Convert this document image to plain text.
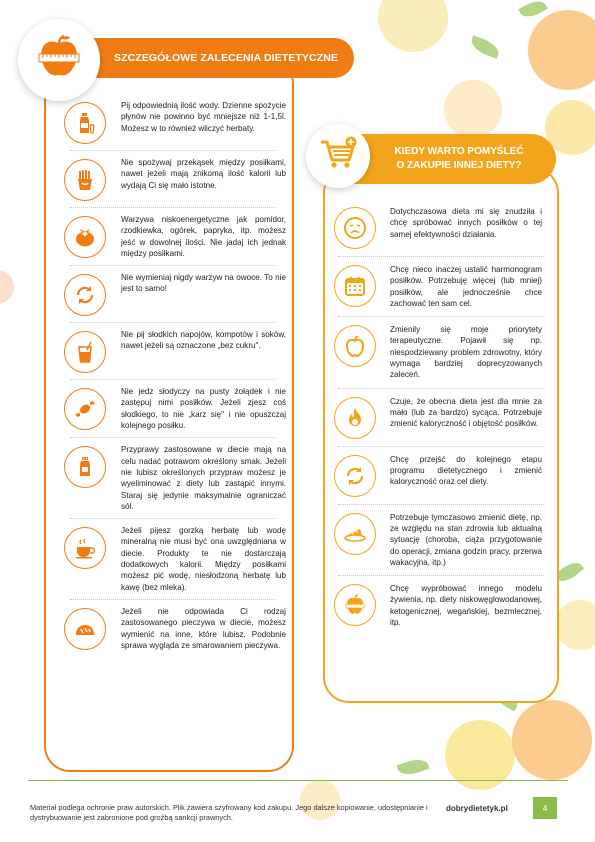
SZCZEGÓŁOWE ZALECENIA DIETETYCZNE

Pij odpowiednią ilość wody. Dzienne spożycie płynów nie powinno być mniejsze niż 1-1,5l. Możesz w to również wliczyć herbaty.

Nie spożywaj przekąsek między posiłkami, nawet jeżeli mają znikomą ilość kalorii lub wydają Ci się mało istotne.

Warzywa niskoenergetyczne jak pomidor, rzodkiewka, ogórek, papryka, itp. możesz jeść w dowolnej ilości. Nie jadaj ich jednak między posiłkami.

Nie wymieniaj nigdy warzyw na owoce. To nie jest to samo!

Nie pij słodkich napojów, kompotów i soków, nawet jeżeli są oznaczone „bez cukru".

Nie jedz słodyczy na pusty żołądek i nie zastępuj nimi posiłków. Jeżeli zjesz coś słodkiego, to nie „karz się" i nie opuszczaj kolejnego posiłku.

Przyprawy zastosowane w diecie mają na celu nadać potrawom określony smak. Jeżeli nie lubisz określonych przypraw możesz je wyeliminować z diety lub zastąpić innymi. Staraj się jedynie maksymalnie ograniczać sól.

Jeżeli pijesz gorzką herbatę lub wodę mineralną nie musi być ona uwzględniana w diecie. Produkty te nie dostarczają dodatkowych kalorii. Między posiłkami możesz pić wodę, niesłodzoną herbatę lub kawę (bez mleka).

Jeżeli nie odpowiada Ci rodzaj zastosowanego pieczywa w diecie, możesz wymienić na inne, które lubisz. Podobnie sprawa wygląda ze smarowaniem pieczywa.

KIEDY WARTO POMYŚLEĆ
O ZAKUPIE INNEJ DIETY?

Dotychczasowa dieta mi się znudziła i chcę spróbować innych posiłków o tej samej efektywności działania.

Chcę nieco inaczej ustalić harmonogram posiłków. Potrzebuję więcej (lub mniej) posiłków, ale jednocześnie chce zachować ten sam cel.

Zmienily się moje priorytety terapeutyczne. Pojawił się np. niespodziewany problem zdrowotny, który wymaga bardziej doprecyzowanych zaleceń.

Czuje, że obecna dieta jest dla mnie za mało (lub za bardzo) sycąca. Potrzebuje zmienić kaloryczność i objętość posiłków.

Chcę przejść do kolejnego etapu programu dietetycznego i zmienić kaloryczność oraz cel diety.

Potrzebuje tymczasowo zmienić dietę, np. ze względu na stan zdrowia lub aktualną sytuację (choroba, ciąża przygotowanie do operacji, zmiana godzin pracy, przerwa wakacyjna, itp.)

Chcę wypróbować innego modelu żywienia, np. diety niskowęglowodanowej, ketogenicznej, wegańskiej, bezmlecznej, itp.

Materiał podlega ochronie praw autorskich. Plik zawiera szyfrowany kod zakupu. Jego dalsze kopiowanie, udostępnianie i dystrybuowanie jest zabronione pod groźbą sankcji prawnych.

dobrydietetyk.pl	4
